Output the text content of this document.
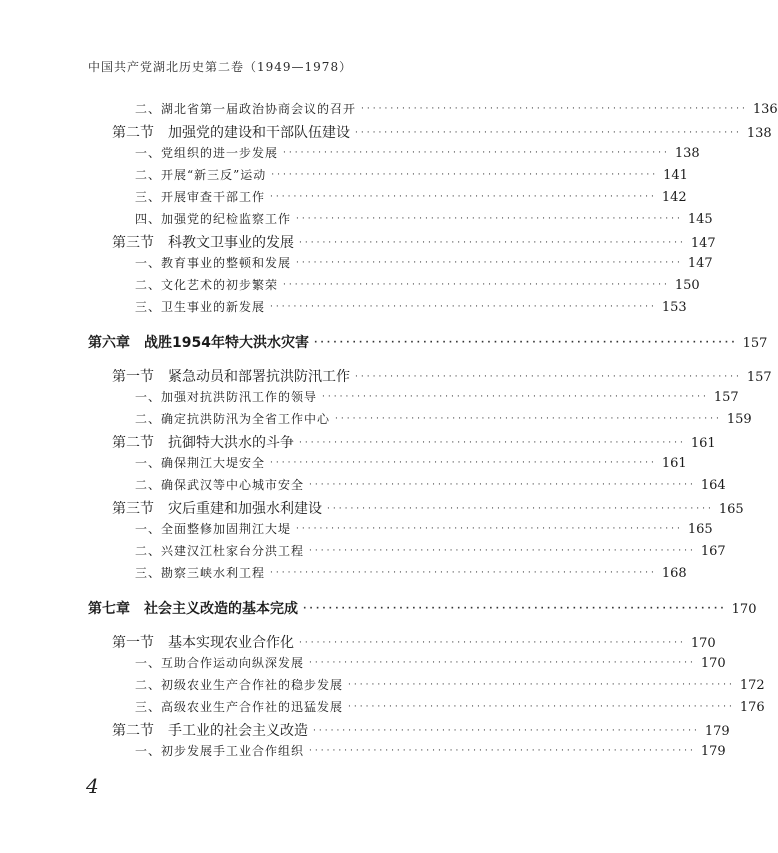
中国共产党湖北历史第二卷（1949—1978）
二、湖北省第一届政治协商会议的召开 ·································································· 136
第二节　加强党的建设和干部队伍建设 ·································································· 138
一、党组织的进一步发展 ·································································· 138
二、开展“新三反”运动 ·································································· 141
三、开展审查干部工作 ·································································· 142
四、加强党的纪检监察工作 ·································································· 145
第三节　科教文卫事业的发展 ·································································· 147
一、教育事业的整顿和发展 ·································································· 147
二、文化艺术的初步繁荣 ·································································· 150
三、卫生事业的新发展 ·································································· 153
第六章　战胜1954年特大洪水灾害 ·································································· 157
第一节　紧急动员和部署抗洪防汛工作 ·································································· 157
一、加强对抗洪防汛工作的领导 ·································································· 157
二、确定抗洪防汛为全省工作中心 ·································································· 159
第二节　抗御特大洪水的斗争 ·································································· 161
一、确保荆江大堤安全 ·································································· 161
二、确保武汉等中心城市安全 ·································································· 164
第三节　灾后重建和加强水利建设 ·································································· 165
一、全面整修加固荆江大堤 ·································································· 165
二、兴建汉江杜家台分洪工程 ·································································· 167
三、勘察三峡水利工程 ·································································· 168
第七章　社会主义改造的基本完成 ·································································· 170
第一节　基本实现农业合作化 ·································································· 170
一、互助合作运动向纵深发展 ·································································· 170
二、初级农业生产合作社的稳步发展 ·································································· 172
三、高级农业生产合作社的迅猛发展 ·································································· 176
第二节　手工业的社会主义改造 ·································································· 179
一、初步发展手工业合作组织 ·································································· 179
4
